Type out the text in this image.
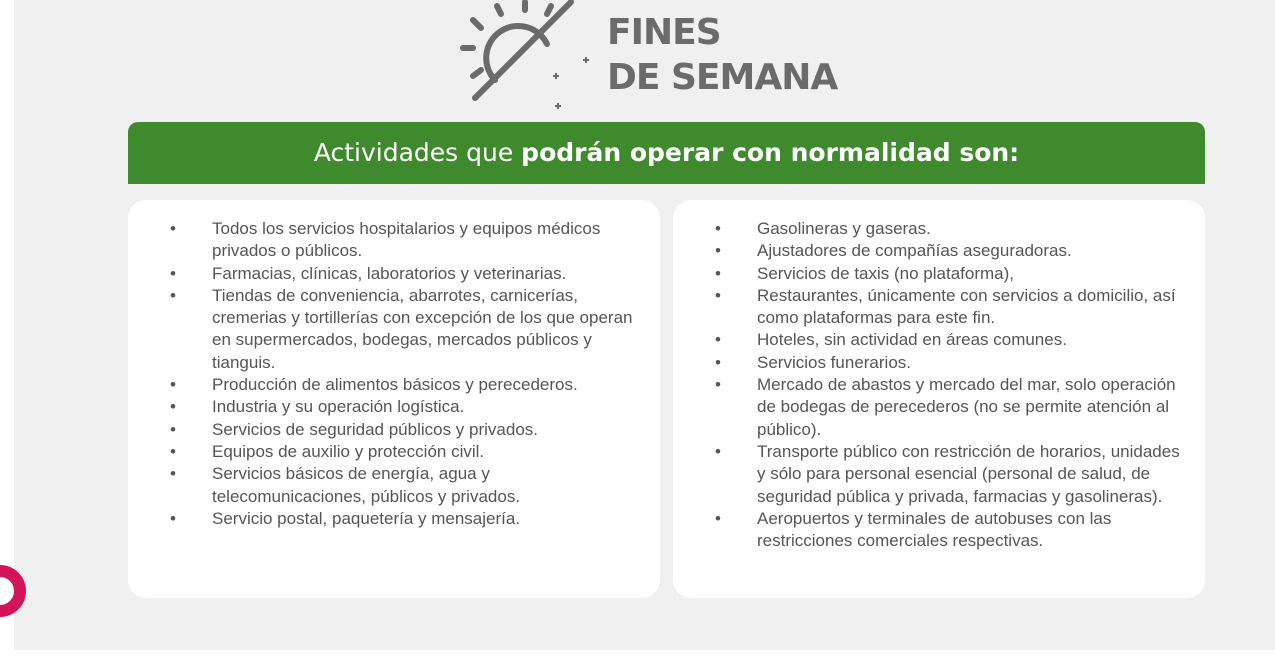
FINES
DE SEMANA
Actividades que podrán operar con normalidad son:
• Todos los servicios hospitalarios y equipos médicos privados o públicos.
• Farmacias, clínicas, laboratorios y veterinarias.
• Tiendas de conveniencia, abarrotes, carnicerías, cremerias y tortillerías con excepción de los que operan en supermercados, bodegas, mercados públicos y tianguis.
• Producción de alimentos básicos y perecederos.
• Industria y su operación logística.
• Servicios de seguridad públicos y privados.
• Equipos de auxilio y protección civil.
• Servicios básicos de energía, agua y telecomunicaciones, públicos y privados.
• Servicio postal, paquetería y mensajería.
• Gasolineras y gaseras.
• Ajustadores de compañías aseguradoras.
• Servicios de taxis (no plataforma),
• Restaurantes, únicamente con servicios a domicilio, así como plataformas para este fin.
• Hoteles, sin actividad en áreas comunes.
• Servicios funerarios.
• Mercado de abastos y mercado del mar, solo operación de bodegas de perecederos (no se permite atención al público).
• Transporte público con restricción de horarios, unidades y sólo para personal esencial (personal de salud, de seguridad pública y privada, farmacias y gasolineras).
• Aeropuertos y terminales de autobuses con las restricciones comerciales respectivas.
